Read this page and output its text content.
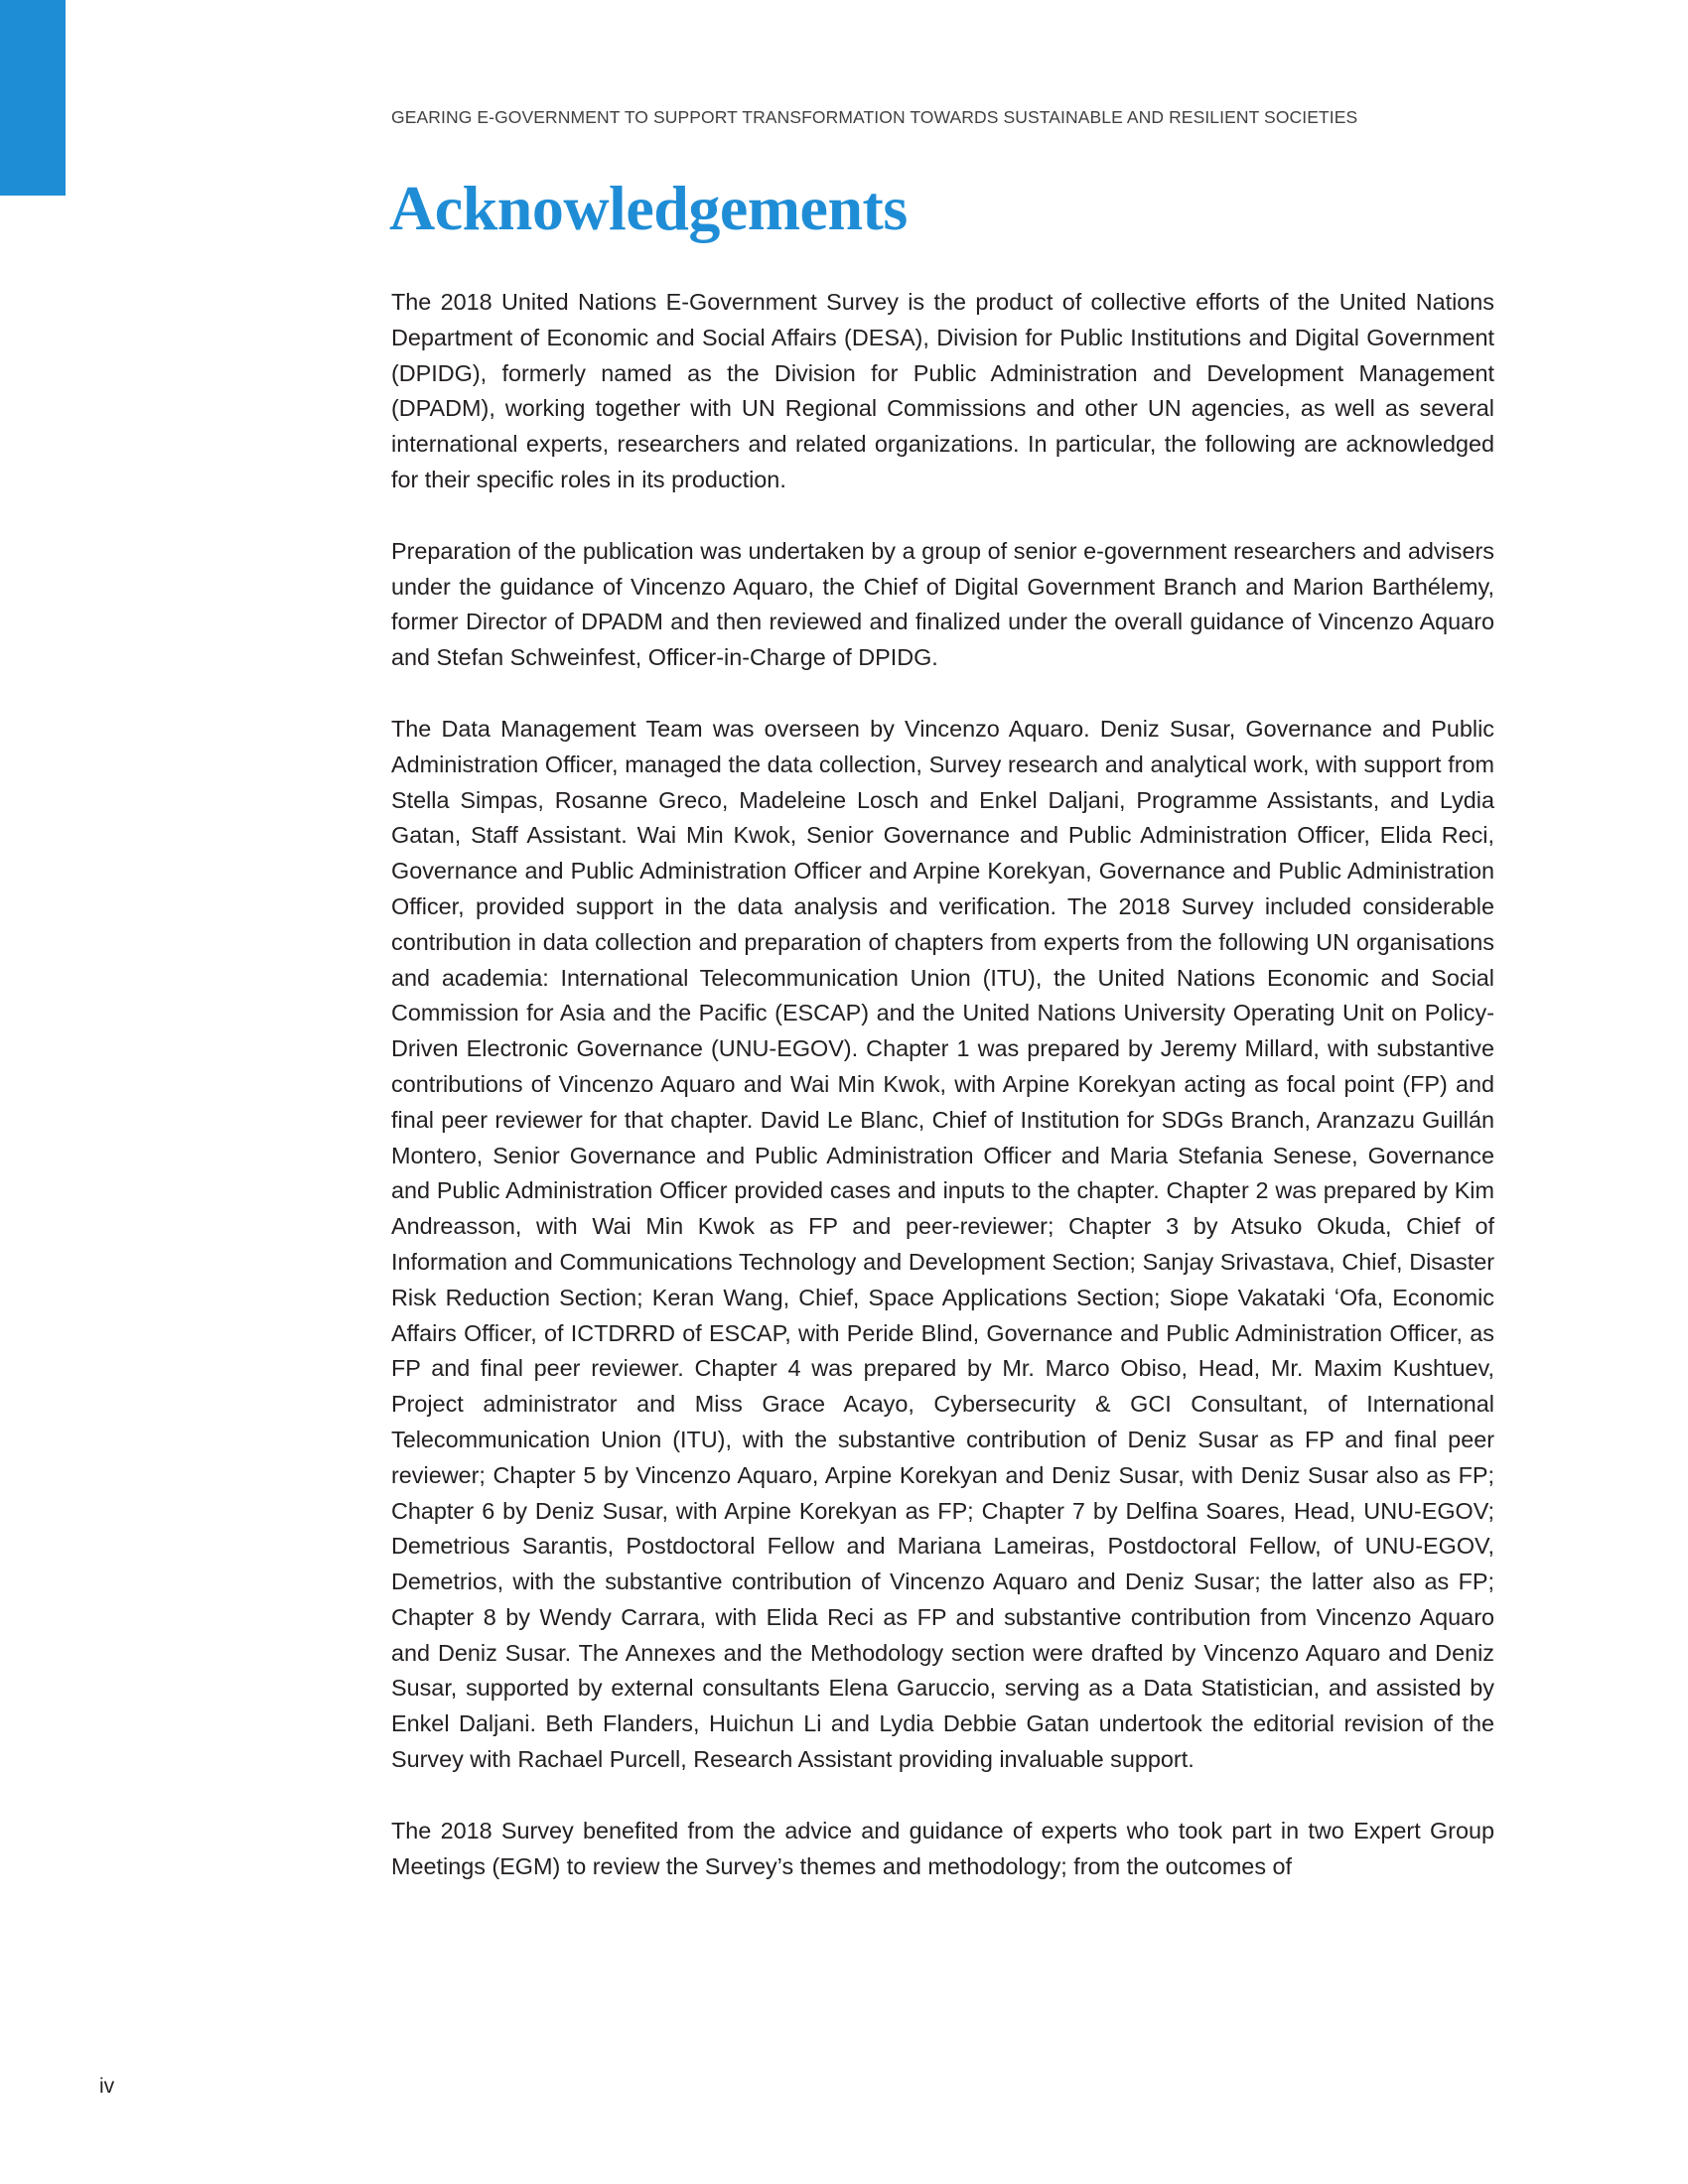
GEARING E-GOVERNMENT TO SUPPORT TRANSFORMATION TOWARDS SUSTAINABLE AND RESILIENT SOCIETIES
Acknowledgements

The 2018 United Nations E-Government Survey is the product of collective efforts of the United Nations Department of Economic and Social Affairs (DESA), Division for Public Institutions and Digital Government (DPIDG), formerly named as the Division for Public Administration and Development Management (DPADM), working together with UN Regional Commissions and other UN agencies, as well as several international experts, researchers and related organizations. In particular, the following are acknowledged for their specific roles in its production.

Preparation of the publication was undertaken by a group of senior e-government researchers and advisers under the guidance of Vincenzo Aquaro, the Chief of Digital Government Branch and Marion Barthélemy, former Director of DPADM and then reviewed and finalized under the overall guidance of Vincenzo Aquaro and Stefan Schweinfest, Officer-in-Charge of DPIDG.

The Data Management Team was overseen by Vincenzo Aquaro. Deniz Susar, Governance and Public Administration Officer, managed the data collection, Survey research and analytical work, with support from Stella Simpas, Rosanne Greco, Madeleine Losch and Enkel Daljani, Programme Assistants, and Lydia Gatan, Staff Assistant. Wai Min Kwok, Senior Governance and Public Administration Officer, Elida Reci, Governance and Public Administration Officer and Arpine Korekyan, Governance and Public Administration Officer, provided support in the data analysis and verification. The 2018 Survey included considerable contribution in data collection and preparation of chapters from experts from the following UN organisations and academia: International Telecommunication Union (ITU), the United Nations Economic and Social Commission for Asia and the Pacific (ESCAP) and the United Nations University Operating Unit on Policy-Driven Electronic Governance (UNU-EGOV). Chapter 1 was prepared by Jeremy Millard, with substantive contributions of Vincenzo Aquaro and Wai Min Kwok, with Arpine Korekyan acting as focal point (FP) and final peer reviewer for that chapter. David Le Blanc, Chief of Institution for SDGs Branch, Aranzazu Guillán Montero, Senior Governance and Public Administration Officer and Maria Stefania Senese, Governance and Public Administration Officer provided cases and inputs to the chapter. Chapter 2 was prepared by Kim Andreasson, with Wai Min Kwok as FP and peer-reviewer; Chapter 3 by Atsuko Okuda, Chief of Information and Communications Technology and Development Section; Sanjay Srivastava, Chief, Disaster Risk Reduction Section; Keran Wang, Chief, Space Applications Section; Siope Vakataki ʻOfa, Economic Affairs Officer, of ICTDRRD of ESCAP, with Peride Blind, Governance and Public Administration Officer, as FP and final peer reviewer. Chapter 4 was prepared by Mr. Marco Obiso, Head, Mr. Maxim Kushtuev, Project administrator and Miss Grace Acayo, Cybersecurity & GCI Consultant, of International Telecommunication Union (ITU), with the substantive contribution of Deniz Susar as FP and final peer reviewer; Chapter 5 by Vincenzo Aquaro, Arpine Korekyan and Deniz Susar, with Deniz Susar also as FP; Chapter 6 by Deniz Susar, with Arpine Korekyan as FP; Chapter 7 by Delfina Soares, Head, UNU-EGOV; Demetrious Sarantis, Postdoctoral Fellow and Mariana Lameiras, Postdoctoral Fellow, of UNU-EGOV, Demetrios, with the substantive contribution of Vincenzo Aquaro and Deniz Susar; the latter also as FP; Chapter 8 by Wendy Carrara, with Elida Reci as FP and substantive contribution from Vincenzo Aquaro and Deniz Susar. The Annexes and the Methodology section were drafted by Vincenzo Aquaro and Deniz Susar, supported by external consultants Elena Garuccio, serving as a Data Statistician, and assisted by Enkel Daljani. Beth Flanders, Huichun Li and Lydia Debbie Gatan undertook the editorial revision of the Survey with Rachael Purcell, Research Assistant providing invaluable support.

The 2018 Survey benefited from the advice and guidance of experts who took part in two Expert Group Meetings (EGM) to review the Survey’s themes and methodology; from the outcomes of

iv
